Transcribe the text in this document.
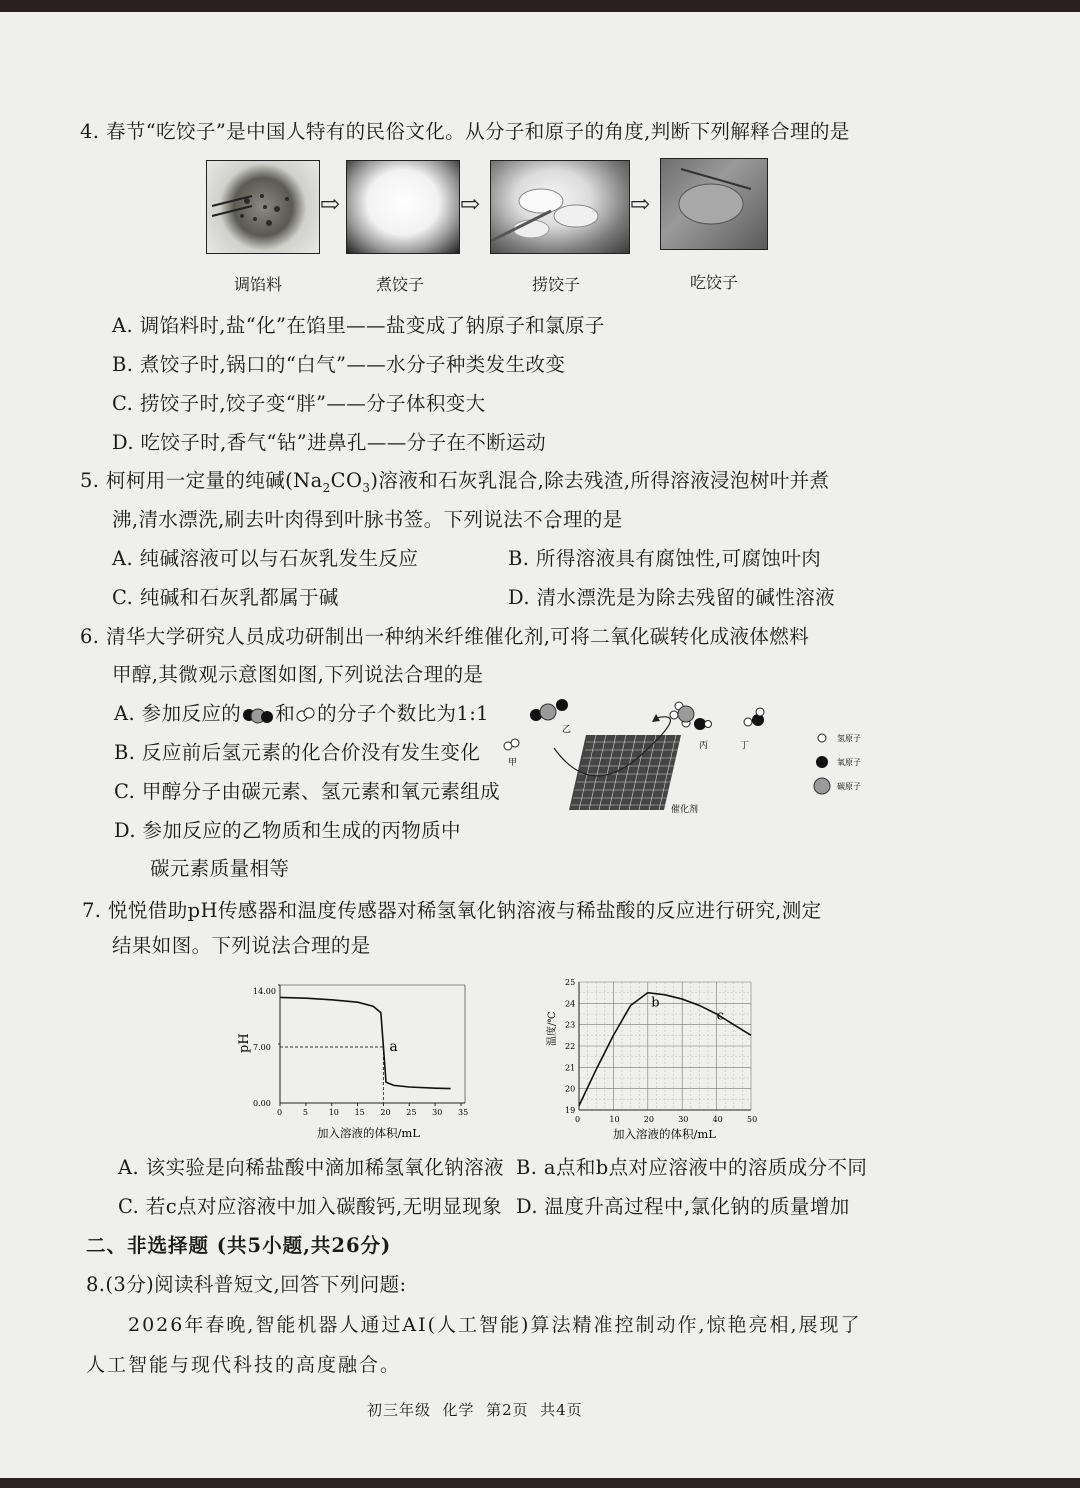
4. 春节“吃饺子”是中国人特有的民俗文化。从分子和原子的角度,判断下列解释合理的是
⇨	⇨	⇨
调馅料	煮饺子	捞饺子	吃饺子
A. 调馅料时,盐“化”在馅里——盐变成了钠原子和氯原子
B. 煮饺子时,锅口的“白气”——水分子种类发生改变
C. 捞饺子时,饺子变“胖”——分子体积变大
D. 吃饺子时,香气“钻”进鼻孔——分子在不断运动
5. 柯柯用一定量的纯碱$(Na_2CO_3)$溶液和石灰乳混合,除去残渣,所得溶液浸泡树叶并煮
沸,清水漂洗,刷去叶肉得到叶脉书签。下列说法不合理的是
A. 纯碱溶液可以与石灰乳发生反应	B. 所得溶液具有腐蚀性,可腐蚀叶肉
C. 纯碱和石灰乳都属于碱	D. 清水漂洗是为除去残留的碱性溶液
6. 清华大学研究人员成功研制出一种纳米纤维催化剂,可将二氧化碳转化成液体燃料
甲醇,其微观示意图如图,下列说法合理的是
A. 参加反应的 和 的分子个数比为1:1
B. 反应前后氢元素的化合价没有发生变化
C. 甲醇分子由碳元素、氢元素和氧元素组成
D. 参加反应的乙物质和生成的丙物质中
碳元素质量相等
催化剂
甲
乙
丙	丁
氢原子
氧原子
碳原子
7. 悦悦借助pH传感器和温度传感器对稀氢氧化钠溶液与稀盐酸的反应进行研究,测定
结果如图。下列说法合理的是
0	5	10 15 20 25 30 35
0.00
7.00
14.00
a
pH
加入溶液的体积/mL
0	10	20	30	40	50
19
20
21
22
23
24
25
b
c
温度/℃
加入溶液的体积/mL
A. 该实验是向稀盐酸中滴加稀氢氧化钠溶液 B. a点和b点对应溶液中的溶质成分不同
C. 若c点对应溶液中加入碳酸钙,无明显现象 D. 温度升高过程中,氯化钠的质量增加
二、非选择题 (共5小题,共26分)
8.(3分)阅读科普短文,回答下列问题:
2026年春晚,智能机器人通过AI(人工智能)算法精准控制动作,惊艳亮相,展现了
人工智能与现代科技的高度融合。
初三年级  化学  第2页  共4页
